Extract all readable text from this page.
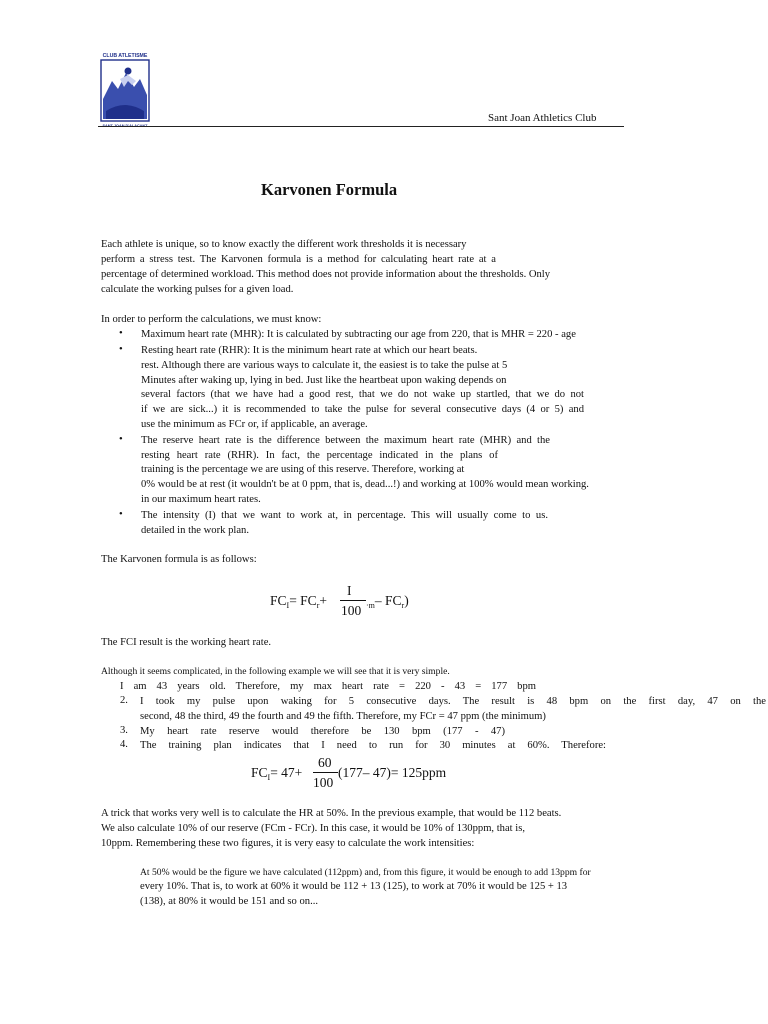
CLUB ATLETISME
SANT JOAN D'ALACANT
Sant Joan Athletics Club
Karvonen Formula
Each athlete is unique, so to know exactly the different work thresholds it is necessary
perform a stress test. The Karvonen formula is a method for calculating heart rate at a
percentage of determined workload. This method does not provide information about the thresholds. Only
calculate the working pulses for a given load.
In order to perform the calculations, we must know:
• Maximum heart rate (MHR): It is calculated by subtracting our age from 220, that is MHR = 220 - age
• Resting heart rate (RHR): It is the minimum heart rate at which our heart beats.
rest. Although there are various ways to calculate it, the easiest is to take the pulse at 5
Minutes after waking up, lying in bed. Just like the heartbeat upon waking depends on
several factors (that we have had a good rest, that we do not wake up startled, that we do not
if we are sick...) it is recommended to take the pulse for several consecutive days (4 or 5) and
use the minimum as FCr or, if applicable, an average.
• The reserve heart rate is the difference between the maximum heart rate (MHR) and the
resting heart rate (RHR). In fact, the percentage indicated in the plans of
training is the percentage we are using of this reserve. Therefore, working at
0% would be at rest (it wouldn't be at 0 ppm, that is, dead...!) and working at 100% would mean working.
in our maximum heart rates.
• The intensity (I) that we want to work at, in percentage. This will usually come to us.
detailed in the work plan.
The Karvonen formula is as follows:
$FC_I= FC_r+$
I
100 $_{\cdot m}$– $FC_r$)
The FCI result is the working heart rate.
Although it seems complicated, in the following example we will see that it is very simple.
I am 43 years old. Therefore, my max heart rate = 220 - 43 = 177 bpm
2. I took my pulse upon waking for 5 consecutive days. The result is 48 bpm on the first day, 47 on the
second, 48 the third, 49 the fourth and 49 the fifth. Therefore, my FCr = 47 ppm (the minimum)
3. My heart rate reserve would therefore be 130 bpm (177 - 47)
4. The training plan indicates that I need to run for 30 minutes at 60%. Therefore:
$FC_I= 47+$
60
100
(177– 47)= 125ppm
A trick that works very well is to calculate the HR at 50%. In the previous example, that would be 112 beats.
We also calculate 10% of our reserve (FCm - FCr). In this case, it would be 10% of 130ppm, that is,
10ppm. Remembering these two figures, it is very easy to calculate the work intensities:
At 50% would be the figure we have calculated (112ppm) and, from this figure, it would be enough to add 13ppm for
every 10%. That is, to work at 60% it would be 112 + 13 (125), to work at 70% it would be 125 + 13
(138), at 80% it would be 151 and so on...
